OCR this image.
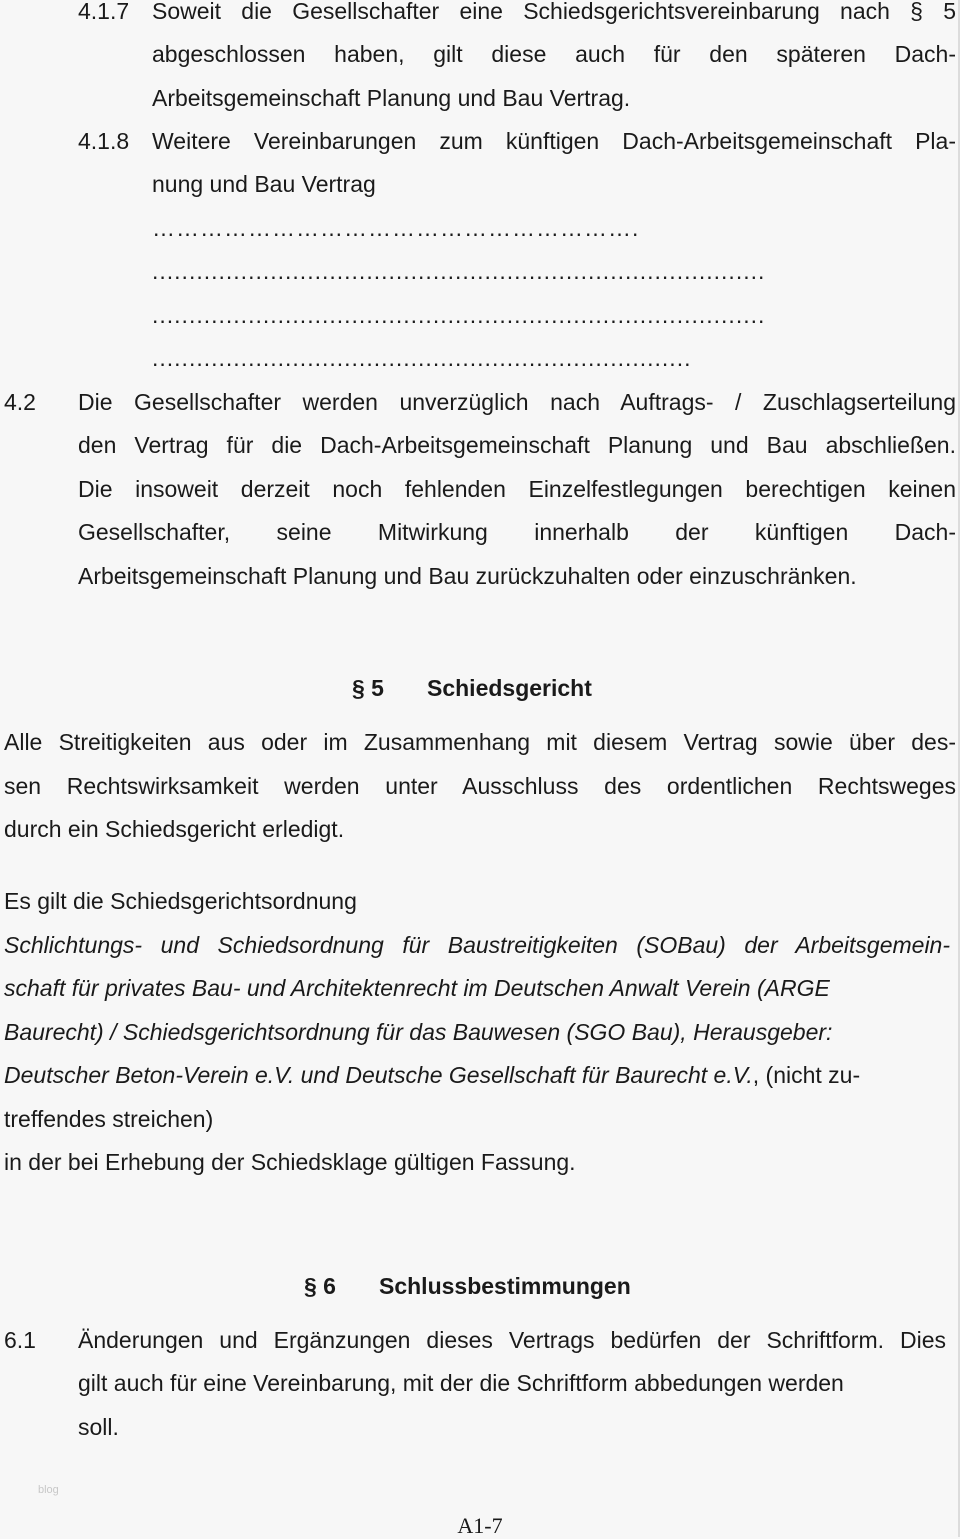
4.1.7 Soweit die Gesellschafter eine Schiedsgerichtsvereinbarung nach § 5
abgeschlossen haben, gilt diese auch für den späteren Dach-
Arbeitsgemeinschaft Planung und Bau Vertrag.
4.1.8 Weitere Vereinbarungen zum künftigen Dach-Arbeitsgemeinschaft Pla-
nung und Bau Vertrag
…………………………………………………….
...................................................................................
...................................................................................
.........................................................................
4.2 Die Gesellschafter werden unverzüglich nach Auftrags- / Zuschlagserteilung
den Vertrag für die Dach-Arbeitsgemeinschaft Planung und Bau abschließen.
Die insoweit derzeit noch fehlenden Einzelfestlegungen berechtigen keinen
Gesellschafter, seine Mitwirkung innerhalb der künftigen Dach-
Arbeitsgemeinschaft Planung und Bau zurückzuhalten oder einzuschränken.
§ 5 Schiedsgericht
Alle Streitigkeiten aus oder im Zusammenhang mit diesem Vertrag sowie über des-
sen Rechtswirksamkeit werden unter Ausschluss des ordentlichen Rechtsweges
durch ein Schiedsgericht erledigt.
Es gilt die Schiedsgerichtsordnung
Schlichtungs- und Schiedsordnung für Baustreitigkeiten (SOBau) der Arbeitsgemein-
schaft für privates Bau- und Architektenrecht im Deutschen Anwalt Verein (ARGE
Baurecht) / Schiedsgerichtsordnung für das Bauwesen (SGO Bau), Herausgeber:
Deutscher Beton-Verein e.V. und Deutsche Gesellschaft für Baurecht e.V., (nicht zu-
treffendes streichen)
in der bei Erhebung der Schiedsklage gültigen Fassung.
§ 6 Schlussbestimmungen
6.1 Änderungen und Ergänzungen dieses Vertrags bedürfen der Schriftform. Dies
gilt auch für eine Vereinbarung, mit der die Schriftform abbedungen werden
soll.
blog
A1-7
